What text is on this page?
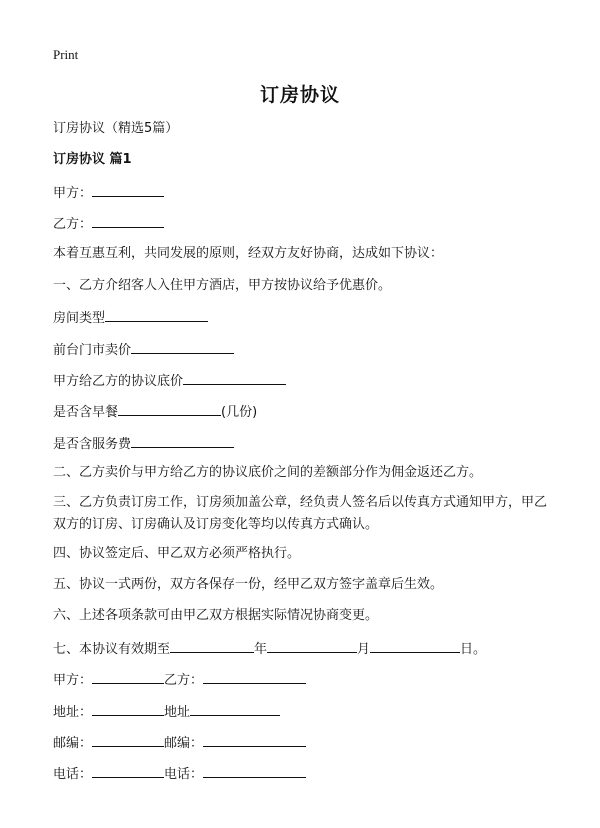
Print
订房协议
订房协议（精选5篇）
订房协议 篇1
甲方：
乙方：
本着互惠互利，共同发展的原则，经双方友好协商，达成如下协议：
一、乙方介绍客人入住甲方酒店，甲方按协议给予优惠价。
房间类型
前台门市卖价
甲方给乙方的协议底价
是否含早餐	(几份)
是否含服务费
二、乙方卖价与甲方给乙方的协议底价之间的差额部分作为佣金返还乙方。
三、乙方负责订房工作，订房须加盖公章，经负责人签名后以传真方式通知甲方，甲乙双方的订房、订房确认及订房变化等均以传真方式确认。
四、协议签定后、甲乙双方必须严格执行。
五、协议一式两份，双方各保存一份，经甲乙双方签字盖章后生效。
六、上述各项条款可由甲乙双方根据实际情况协商变更。
七、本协议有效期至	年	月	日。
甲方：	乙方：
地址：	地址
邮编：	邮编：
电话：	电话：
